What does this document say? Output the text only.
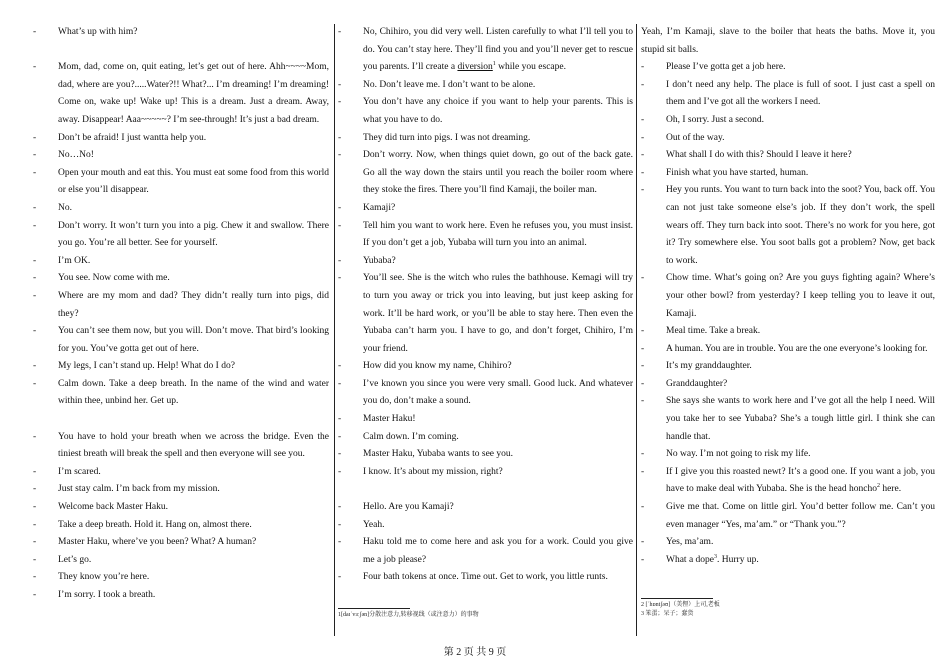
- What’s up with him?

- Mom, dad, come on, quit eating, let’s get out of here. Ahh~~~~Mom, dad, where are you?.....Water?!! What?... I’m dreaming! I’m dreaming! Come on, wake up! Wake up! This is a dream. Just a dream. Away, away. Disappear! Aaa~~~~~? I’m see-through! It’s just a bad dream.

- Don’t be afraid! I just wantta help you.

- No…No!

- Open your mouth and eat this. You must eat some food from this world or else you’ll disappear.

- No.

- Don’t worry. It won’t turn you into a pig. Chew it and swallow. There you go. You’re all better. See for yourself.

- I’m OK.

- You see. Now come with me.

- Where are my mom and dad? They didn’t really turn into pigs, did they?

- You can’t see them now, but you will. Don’t move. That bird’s looking for you. You’ve gotta get out of here.

- My legs, I can’t stand up. Help! What do I do?

- Calm down. Take a deep breath. In the name of the wind and water within thee, unbind her. Get up.

- You have to hold your breath when we across the bridge. Even the tiniest breath will break the spell and then everyone will see you.

- I’m scared.

- Just stay calm. I’m back from my mission.

- Welcome back Master Haku.

- Take a deep breath. Hold it. Hang on, almost there.

- Master Haku, where’ve you been? What? A human?

- Let’s go.

- They know you’re here.

- I’m sorry. I took a breath.

- No, Chihiro, you did very well. Listen carefully to what I’ll tell you to do. You can’t stay here. They’ll find you and you’ll never get to rescue you parents. I’ll create a diversion$^1$ while you escape.

- No. Don’t leave me. I don’t want to be alone.

- You don’t have any choice if you want to help your parents. This is what you have to do.

- They did turn into pigs. I was not dreaming.

- Don’t worry. Now, when things quiet down, go out of the back gate. Go all the way down the stairs until you reach the boiler room where they stoke the fires. There you’ll find Kamaji, the boiler man.

- Kamaji?

- Tell him you want to work here. Even he refuses you, you must insist. If you don’t get a job, Yubaba will turn you into an animal.

- Yubaba?

- You’ll see. She is the witch who rules the bathhouse. Kemagi will try to turn you away or trick you into leaving, but just keep asking for work. It’ll be hard work, or you’ll be able to stay here. Then even the Yubaba can’t harm you. I have to go, and don’t forget, Chihiro, I’m your friend.

- How did you know my name, Chihiro?

- I’ve known you since you were very small. Good luck. And whatever you do, don’t make a sound.

- Master Haku!

- Calm down. I’m coming.

- Master Haku, Yubaba wants to see you.

- I know. It’s about my mission, right?

- Hello. Are you Kamaji?

- Yeah.

- Haku told me to come here and ask you for a work. Could you give me a job please?

- Four bath tokens at once. Time out. Get to work, you little runts.

1[daɪˈvɜːʃən]分散注意力,转移视线（或注意力）的事物

Yeah, I’m Kamaji, slave to the boiler that heats the baths. Move it, you stupid sit balls.

- Please I’ve gotta get a job here.

- I don’t need any help. The place is full of soot. I just cast a spell on them and I’ve got all the workers I need.

- Oh, I sorry. Just a second.

- Out of the way.

- What shall I do with this? Should I leave it here?

- Finish what you have started, human.

- Hey you runts. You want to turn back into the soot? You, back off. You can not just take someone else’s job. If they don’t work, the spell wears off. They turn back into soot. There’s no work for you here, got it? Try somewhere else. You soot balls got a problem? Now, get back to work.

- Chow time. What’s going on? Are you guys fighting again? Where’s your other bowl? from yesterday? I keep telling you to leave it out, Kamaji.

- Meal time. Take a break.

- A human. You are in trouble. You are the one everyone’s looking for.

- It’s my granddaughter.

- Granddaughter?

- She says she wants to work here and I’ve got all the help I need. Will you take her to see Yubaba? She’s a tough little girl. I think she can handle that.

- No way. I’m not going to risk my life.

- If I give you this roasted newt? It’s a good one. If you want a job, you have to make deal with Yubaba. She is the head honcho$^2$ here.

- Give me that. Come on little girl. You’d better follow me. Can’t you even manager “Yes, ma’am.” or “Thank you.”?

- Yes, ma’am.

- What a dope$^3$. Hurry up.

2 [ˈhɒntʃəʊ]（美俚）上司,老板
3 笨蛋；呆子；蠢货
第 2 页 共 9 页
